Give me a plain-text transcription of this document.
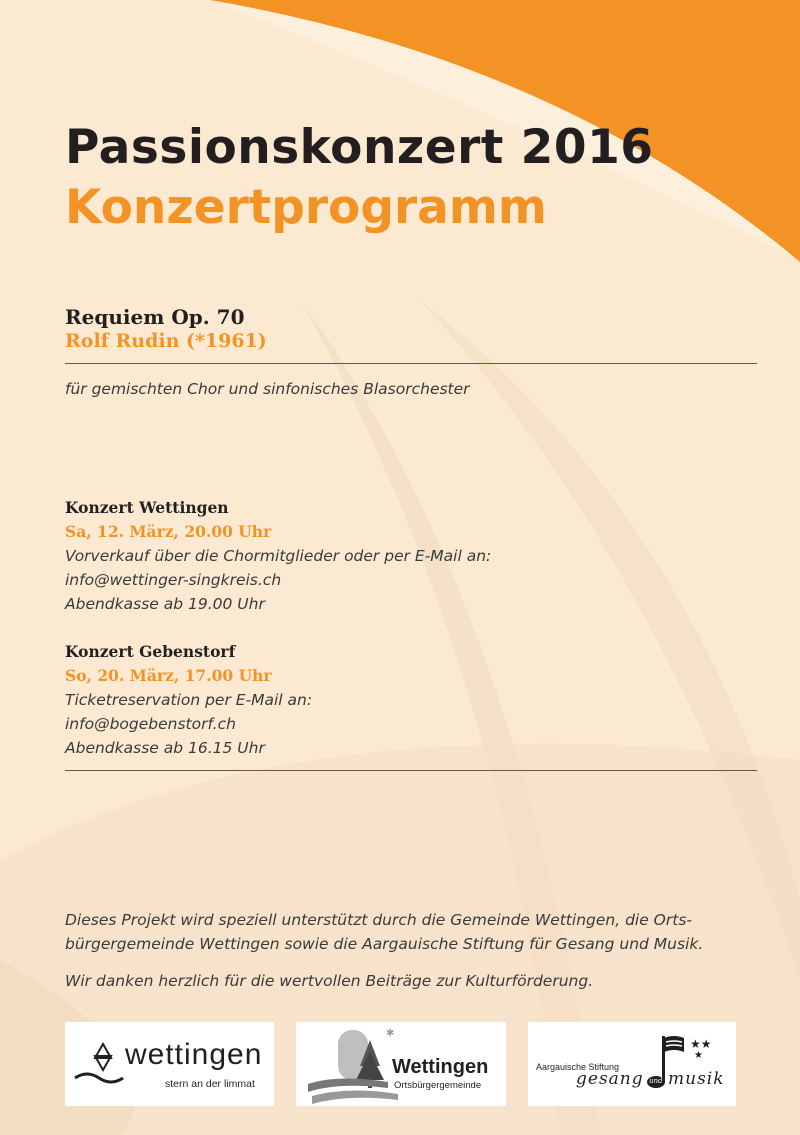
Passionskonzert 2016
Konzertprogramm
Requiem Op. 70
Rolf Rudin (*1961)
für gemischten Chor und sinfonisches Blasorchester
Konzert Wettingen
Sa, 12. März, 20.00 Uhr
Vorverkauf über die Chormitglieder oder per E-Mail an:
info@wettinger-singkreis.ch
Abendkasse ab 19.00 Uhr
Konzert Gebenstorf
So, 20. März, 17.00 Uhr
Ticketreservation per E-Mail an:
info@bogebenstorf.ch
Abendkasse ab 16.15 Uhr
Dieses Projekt wird speziell unterstützt durch die Gemeinde Wettingen, die Orts-
bürgergemeinde Wettingen sowie die Aargauische Stiftung für Gesang und Musik.
Wir danken herzlich für die wertvollen Beiträge zur Kulturförderung.
wettingen
stern an der limmat
✱
Wettingen
Ortsbürgergemeinde
★★
★
Aargauische Stiftung
gesang und musik
